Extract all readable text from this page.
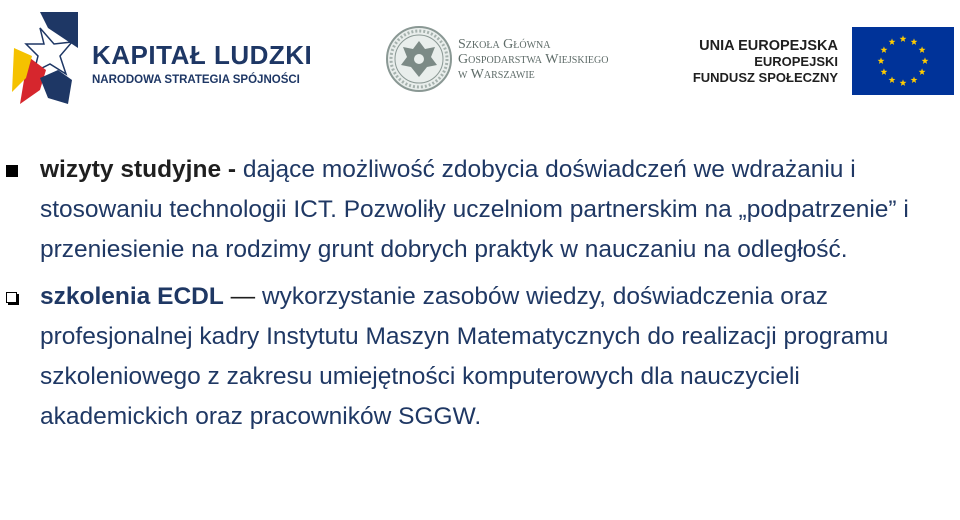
KAPITAŁ LUDZKI
NARODOWA STRATEGIA SPÓJNOŚCI
Szkoła Główna
Gospodarstwa Wiejskiego
w Warszawie
UNIA EUROPEJSKA
EUROPEJSKI
FUNDUSZ SPOŁECZNY
wizyty studyjne - dające możliwość zdobycia doświadczeń we wdrażaniu i stosowaniu technologii ICT. Pozwoliły uczelniom partnerskim na „podpatrzenie” i przeniesienie na rodzimy grunt dobrych praktyk w nauczaniu na odległość.
szkolenia ECDL — wykorzystanie zasobów wiedzy, doświadczenia oraz profesjonalnej kadry Instytutu Maszyn Matematycznych do realizacji programu szkoleniowego z zakresu umiejętności komputerowych dla nauczycieli akademickich oraz pracowników SGGW.
